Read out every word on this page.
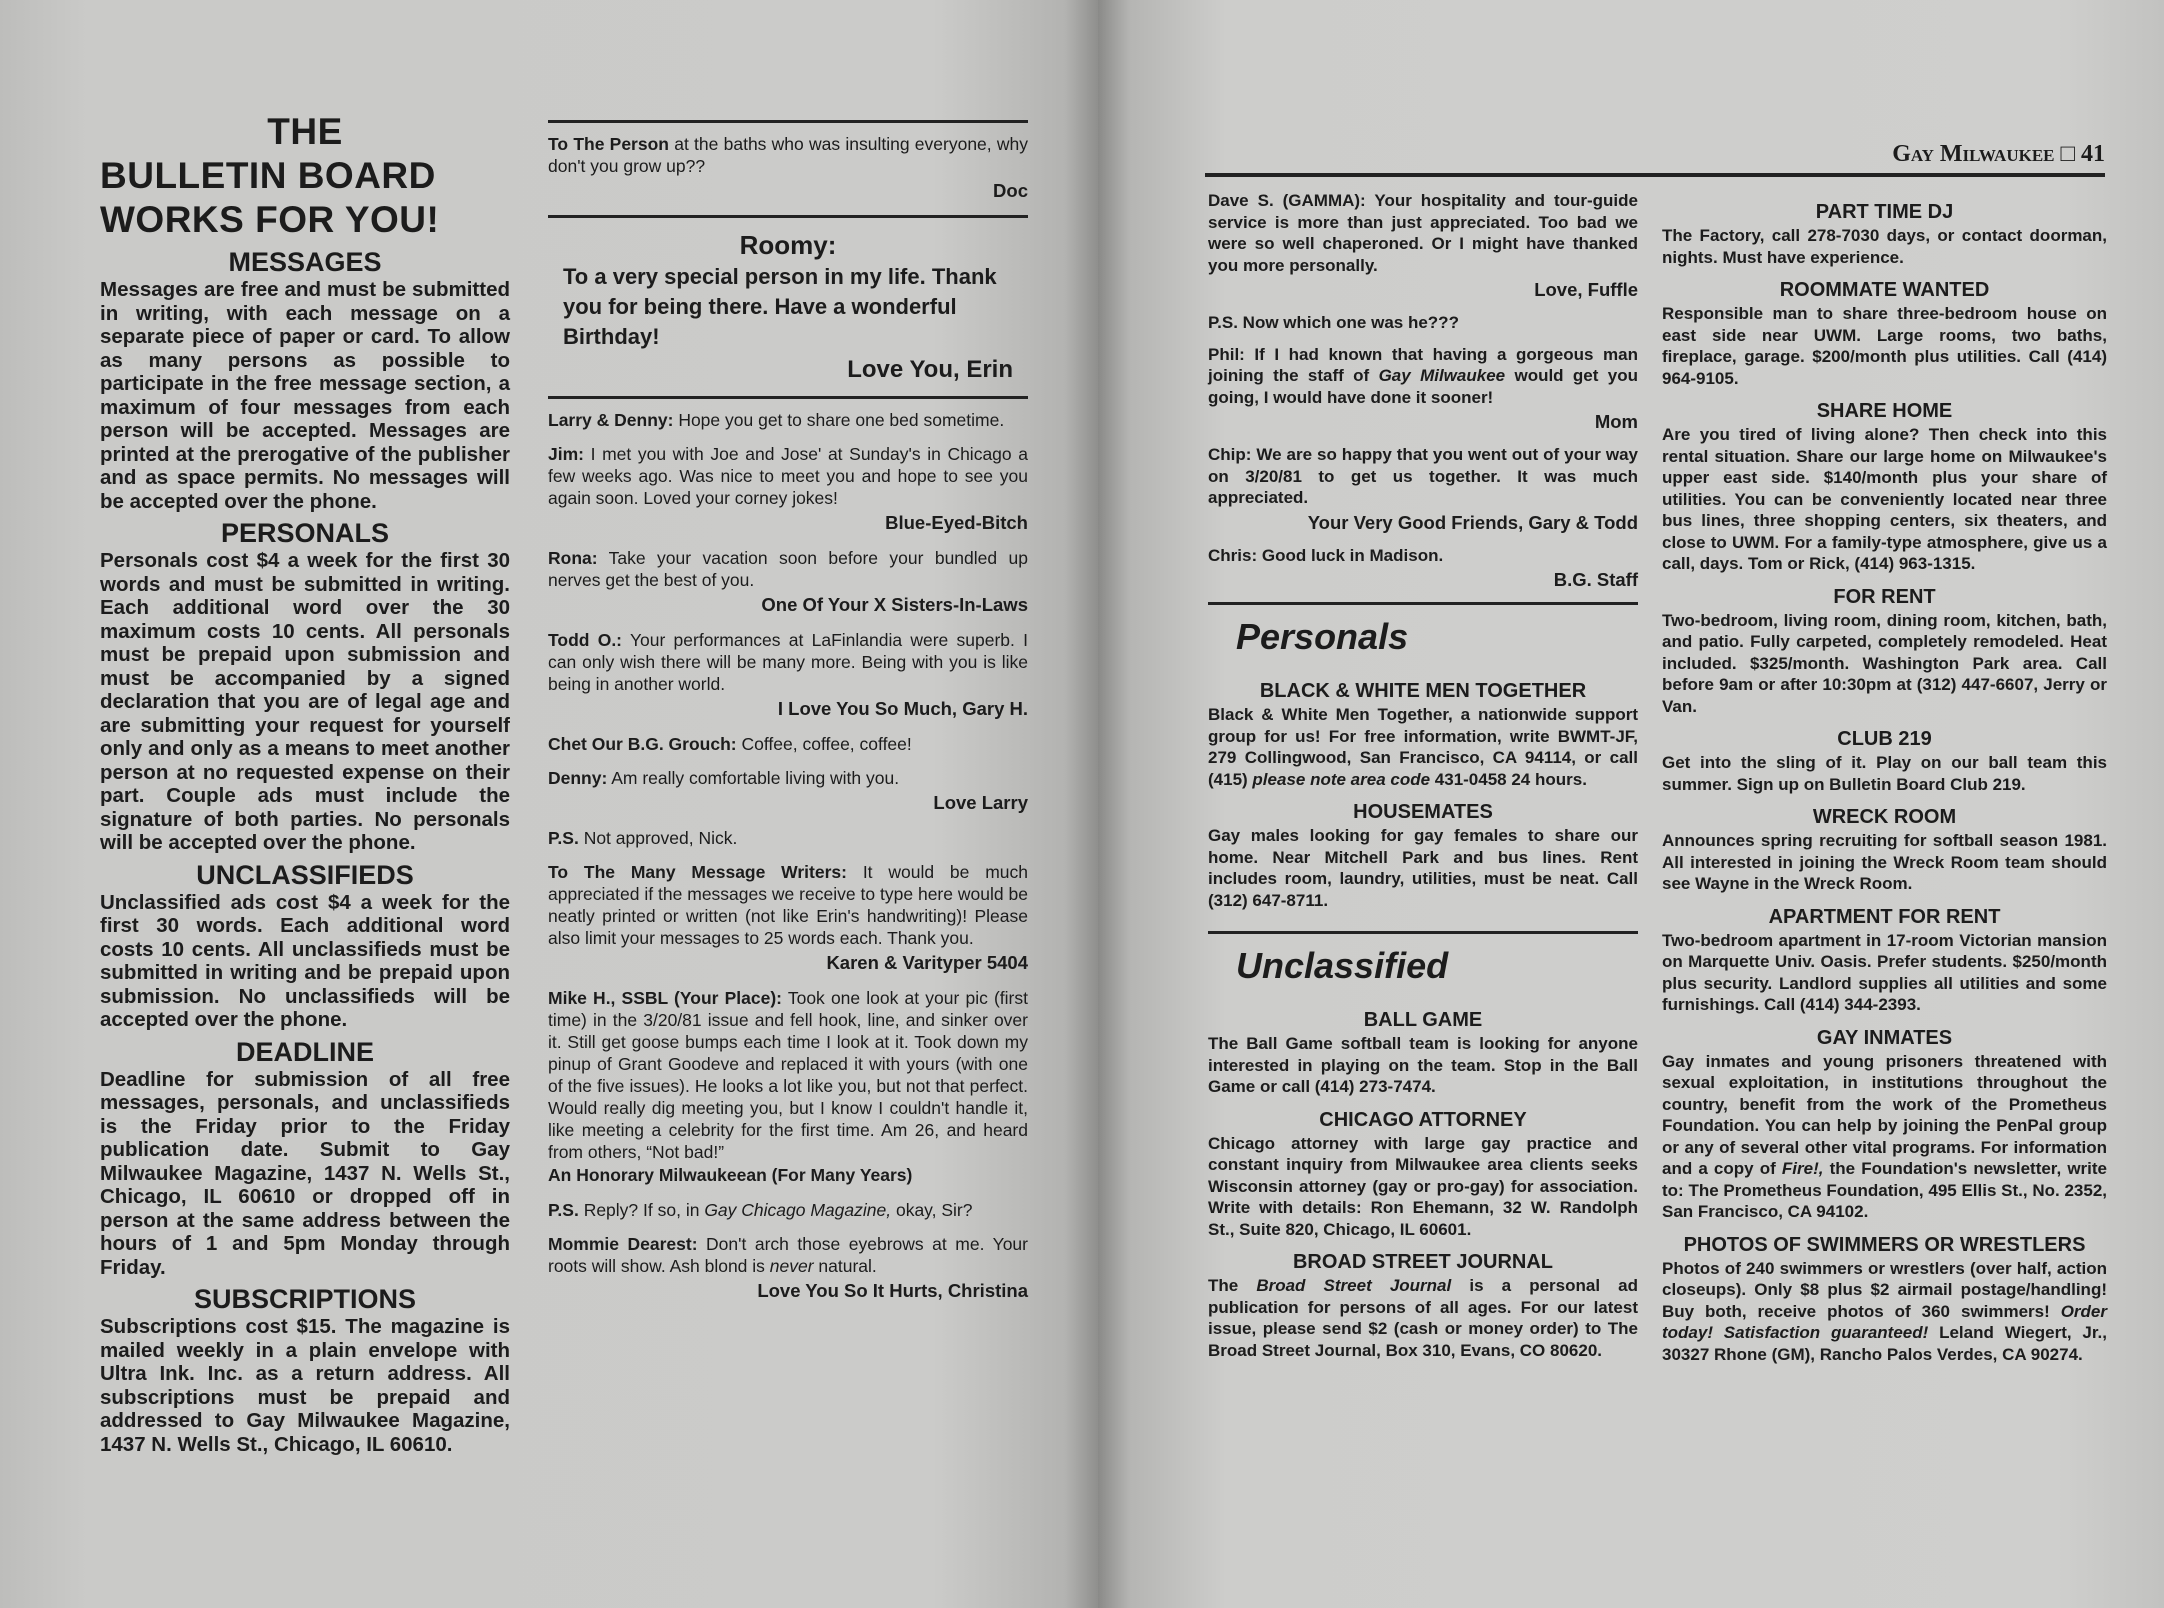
THE
BULLETIN BOARD
WORKS FOR YOU!
MESSAGES
Messages are free and must be submitted in writing, with each message on a separate piece of paper or card. To allow as many persons as possible to participate in the free message section, a maximum of four messages from each person will be accepted. Messages are printed at the prerogative of the publisher and as space permits. No messages will be accepted over the phone.
PERSONALS
Personals cost $4 a week for the first 30 words and must be submitted in writing. Each additional word over the 30 maximum costs 10 cents. All personals must be prepaid upon submission and must be accompanied by a signed declaration that you are of legal age and are submitting your request for yourself only and only as a means to meet another person at no requested expense on their part. Couple ads must include the signature of both parties. No personals will be accepted over the phone.
UNCLASSIFIEDS
Unclassified ads cost $4 a week for the first 30 words. Each additional word costs 10 cents. All unclassifieds must be submitted in writing and be prepaid upon submission. No unclassifieds will be accepted over the phone.
DEADLINE
Deadline for submission of all free messages, personals, and unclassifieds is the Friday prior to the Friday publication date. Submit to Gay Milwaukee Magazine, 1437 N. Wells St., Chicago, IL 60610 or dropped off in person at the same address between the hours of 1 and 5pm Monday through Friday.
SUBSCRIPTIONS
Subscriptions cost $15. The magazine is mailed weekly in a plain envelope with Ultra Ink. Inc. as a return address. All subscriptions must be prepaid and addressed to Gay Milwaukee Magazine, 1437 N. Wells St., Chicago, IL 60610.
To The Person at the baths who was insulting everyone, why don't you grow up??
Doc
Roomy:
To a very special person in my life. Thank you for being there. Have a wonderful Birthday!
Love You, Erin
Larry & Denny: Hope you get to share one bed sometime.
Jim: I met you with Joe and Jose' at Sunday's in Chicago a few weeks ago. Was nice to meet you and hope to see you again soon. Loved your corney jokes!
Blue-Eyed-Bitch
Rona: Take your vacation soon before your bundled up nerves get the best of you.
One Of Your X Sisters-In-Laws
Todd O.: Your performances at LaFinlandia were superb. I can only wish there will be many more. Being with you is like being in another world.
I Love You So Much, Gary H.
Chet Our B.G. Grouch: Coffee, coffee, coffee!
Denny: Am really comfortable living with you.
Love Larry
P.S. Not approved, Nick.
To The Many Message Writers: It would be much appreciated if the messages we receive to type here would be neatly printed or written (not like Erin's handwriting)! Please also limit your messages to 25 words each. Thank you.
Karen & Varityper 5404
Mike H., SSBL (Your Place): Took one look at your pic (first time) in the 3/20/81 issue and fell hook, line, and sinker over it. Still get goose bumps each time I look at it. Took down my pinup of Grant Goodeve and replaced it with yours (with one of the five issues). He looks a lot like you, but not that perfect. Would really dig meeting you, but I know I couldn't handle it, like meeting a celebrity for the first time. Am 26, and heard from others, “Not bad!”
An Honorary Milwaukeean (For Many Years)
P.S. Reply? If so, in Gay Chicago Magazine, okay, Sir?
Mommie Dearest: Don't arch those eyebrows at me. Your roots will show. Ash blond is never natural.
Love You So It Hurts, Christina
Gay Milwaukee □ 41
Dave S. (GAMMA): Your hospitality and tour-guide service is more than just appreciated. Too bad we were so well chaperoned. Or I might have thanked you more personally.
Love, Fuffle
P.S. Now which one was he???
Phil: If I had known that having a gorgeous man joining the staff of Gay Milwaukee would get you going, I would have done it sooner!
Mom
Chip: We are so happy that you went out of your way on 3/20/81 to get us together. It was much appreciated.
Your Very Good Friends, Gary & Todd
Chris: Good luck in Madison.
B.G. Staff
Personals
BLACK & WHITE MEN TOGETHER
Black & White Men Together, a nationwide support group for us! For free information, write BWMT-JF, 279 Collingwood, San Francisco, CA 94114, or call (415) please note area code 431-0458 24 hours.
HOUSEMATES
Gay males looking for gay females to share our home. Near Mitchell Park and bus lines. Rent includes room, laundry, utilities, must be neat. Call (312) 647-8711.
Unclassified
BALL GAME
The Ball Game softball team is looking for anyone interested in playing on the team. Stop in the Ball Game or call (414) 273-7474.
CHICAGO ATTORNEY
Chicago attorney with large gay practice and constant inquiry from Milwaukee area clients seeks Wisconsin attorney (gay or pro-gay) for association. Write with details: Ron Ehemann, 32 W. Randolph St., Suite 820, Chicago, IL 60601.
BROAD STREET JOURNAL
The Broad Street Journal is a personal ad publication for persons of all ages. For our latest issue, please send $2 (cash or money order) to The Broad Street Journal, Box 310, Evans, CO 80620.
PART TIME DJ
The Factory, call 278-7030 days, or contact doorman, nights. Must have experience.
ROOMMATE WANTED
Responsible man to share three-bedroom house on east side near UWM. Large rooms, two baths, fireplace, garage. $200/month plus utilities. Call (414) 964-9105.
SHARE HOME
Are you tired of living alone? Then check into this rental situation. Share our large home on Milwaukee's upper east side. $140/month plus your share of utilities. You can be conveniently located near three bus lines, three shopping centers, six theaters, and close to UWM. For a family-type atmosphere, give us a call, days. Tom or Rick, (414) 963-1315.
FOR RENT
Two-bedroom, living room, dining room, kitchen, bath, and patio. Fully carpeted, completely remodeled. Heat included. $325/month. Washington Park area. Call before 9am or after 10:30pm at (312) 447-6607, Jerry or Van.
CLUB 219
Get into the sling of it. Play on our ball team this summer. Sign up on Bulletin Board Club 219.
WRECK ROOM
Announces spring recruiting for softball season 1981. All interested in joining the Wreck Room team should see Wayne in the Wreck Room.
APARTMENT FOR RENT
Two-bedroom apartment in 17-room Victorian mansion on Marquette Univ. Oasis. Prefer students. $250/month plus security. Landlord supplies all utilities and some furnishings. Call (414) 344-2393.
GAY INMATES
Gay inmates and young prisoners threatened with sexual exploitation, in institutions throughout the country, benefit from the work of the Prometheus Foundation. You can help by joining the PenPal group or any of several other vital programs. For information and a copy of Fire!, the Foundation's newsletter, write to: The Prometheus Foundation, 495 Ellis St., No. 2352, San Francisco, CA 94102.
PHOTOS OF SWIMMERS OR WRESTLERS
Photos of 240 swimmers or wrestlers (over half, action closeups). Only $8 plus $2 airmail postage/handling! Buy both, receive photos of 360 swimmers! Order today! Satisfaction guaranteed! Leland Wiegert, Jr., 30327 Rhone (GM), Rancho Palos Verdes, CA 90274.
